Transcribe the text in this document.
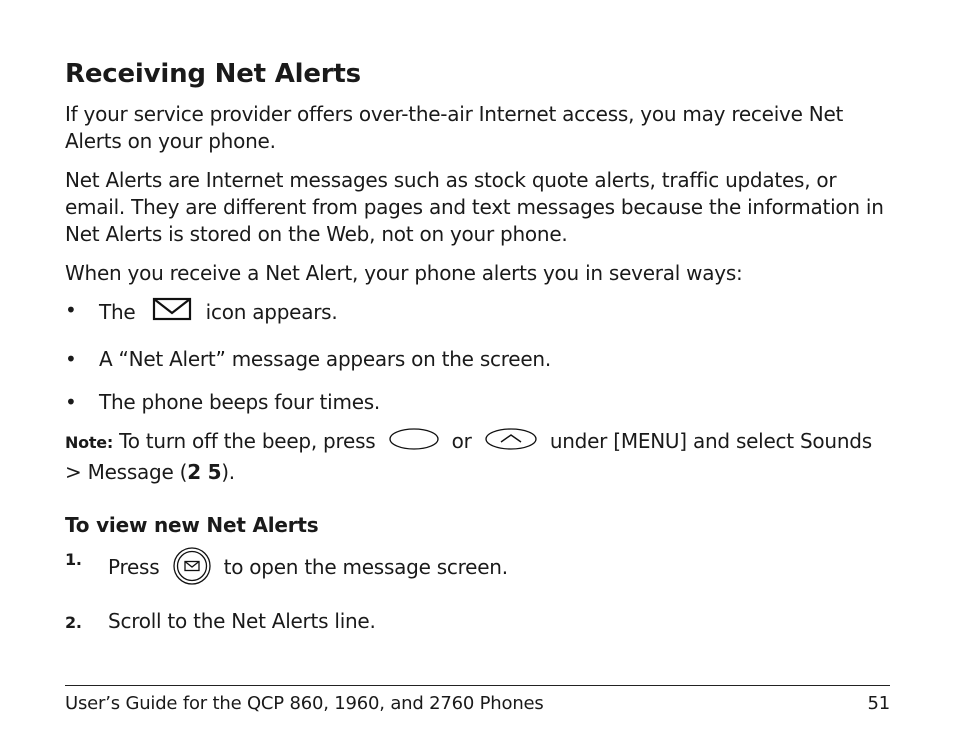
Receiving Net Alerts

If your service provider offers over-the-air Internet access, you may receive Net Alerts on your phone.

Net Alerts are Internet messages such as stock quote alerts, traffic updates, or email. They are different from pages and text messages because the information in Net Alerts is stored on the Web, not on your phone.

When you receive a Net Alert, your phone alerts you in several ways:

• The	icon appears.
• A “Net Alert” message appears on the screen.
• The phone beeps four times.
Note: To turn off the beep, press	or	under [MENU] and select Sounds > Message (2 5).
To view new Net Alerts
1. Press	to open the message screen.
2. Scroll to the Net Alerts line.
User’s Guide for the QCP 860, 1960, and 2760 Phones	51
